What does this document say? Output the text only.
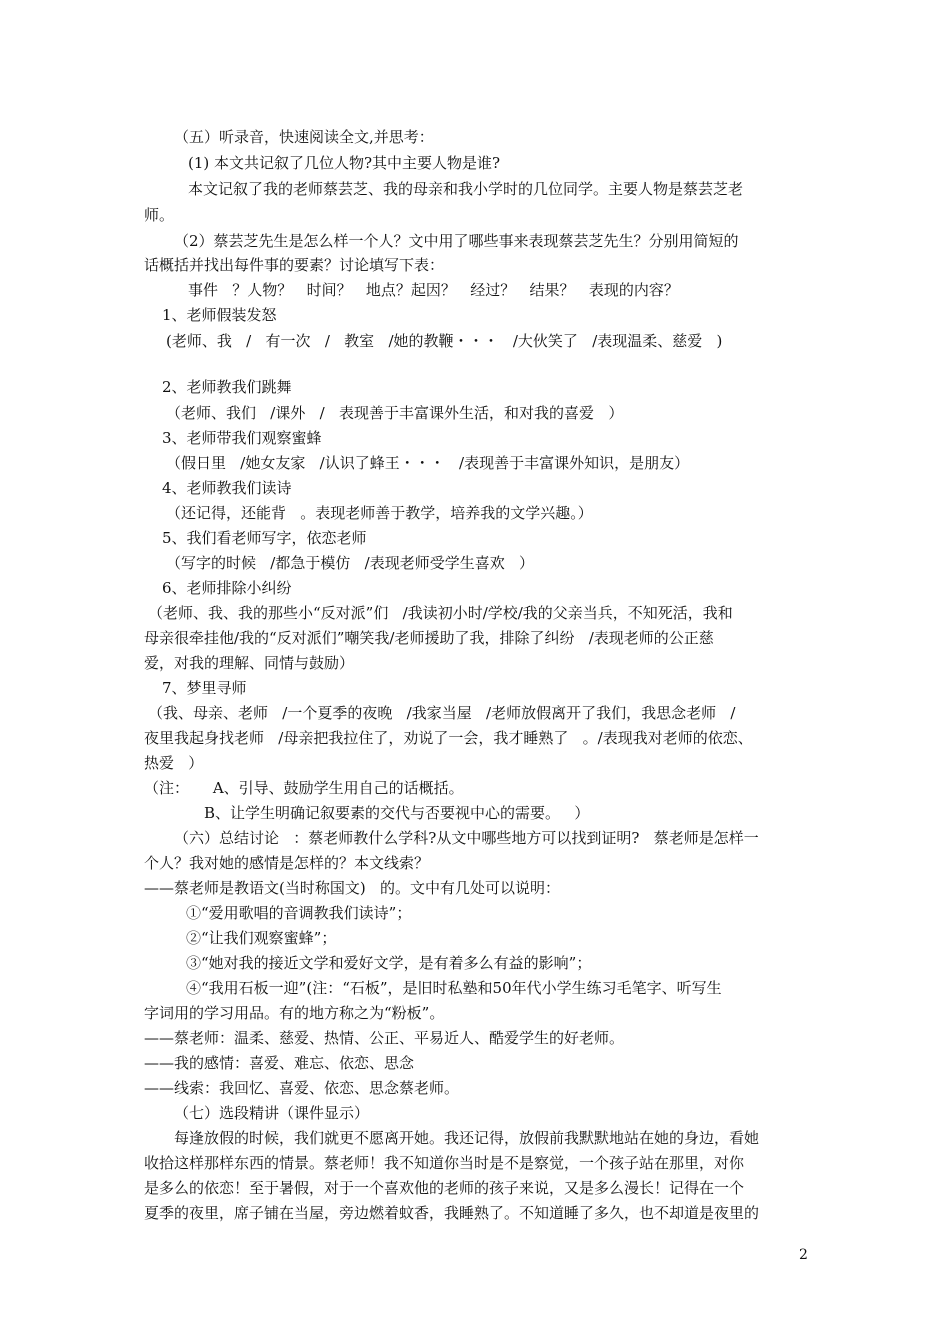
（五）听录音，快速阅读全文,并思考：
(1) 本文共记叙了几位人物?其中主要人物是谁?
本文记叙了我的老师蔡芸芝、我的母亲和我小学时的几位同学。主要人物是蔡芸芝老
师。
（2）蔡芸芝先生是怎么样一个人？文中用了哪些事来表现蔡芸芝先生？分别用简短的
话概括并找出每件事的要素？讨论填写下表：
事件   ？人物？   时间？   地点？起因？   经过？   结果？   表现的内容？
1、老师假装发怒
(老师、我   /   有一次   /   教室   /她的教鞭・・・   /大伙笑了   /表现温柔、慈爱   )
2、老师教我们跳舞
（老师、我们   /课外   /   表现善于丰富课外生活，和对我的喜爱   ）
3、老师带我们观察蜜蜂
（假日里   /她女友家   /认识了蜂王・・・   /表现善于丰富课外知识，是朋友）
4、老师教我们读诗
（还记得，还能背   。表现老师善于教学，培养我的文学兴趣。）
5、我们看老师写字，依恋老师
（写字的时候   /都急于模仿   /表现老师受学生喜欢   ）
6、老师排除小纠纷
（老师、我、我的那些小“反对派”们   /我读初小时/学校/我的父亲当兵，不知死活，我和
母亲很牵挂他/我的“反对派们”嘲笑我/老师援助了我，排除了纠纷   /表现老师的公正慈
爱，对我的理解、同情与鼓励）
7、梦里寻师
（我、母亲、老师   /一个夏季的夜晚   /我家当屋   /老师放假离开了我们，我思念老师   /
夜里我起身找老师   /母亲把我拉住了，劝说了一会，我才睡熟了   。/表现我对老师的依恋、
热爱   ）
（注：     A、引导、鼓励学生用自己的话概括。
B、让学生明确记叙要素的交代与否要视中心的需要。   ）
（六）总结讨论   ：蔡老师教什么学科?从文中哪些地方可以找到证明?   蔡老师是怎样一
个人？我对她的感情是怎样的？本文线索？
——蔡老师是教语文(当时称国文)   的。文中有几处可以说明：
①“爱用歌唱的音调教我们读诗”；
②“让我们观察蜜蜂”；
③“她对我的接近文学和爱好文学，是有着多么有益的影响”；
④“我用石板一迎”(注：“石板”，是旧时私塾和50年代小学生练习毛笔字、听写生
字词用的学习用品。有的地方称之为“粉板”。
——蔡老师：温柔、慈爱、热情、公正、平易近人、酷爱学生的好老师。
——我的感情：喜爱、难忘、依恋、思念
——线索：我回忆、喜爱、依恋、思念蔡老师。
（七）选段精讲（课件显示）
每逢放假的时候，我们就更不愿离开她。我还记得，放假前我默默地站在她的身边，看她
收拾这样那样东西的情景。蔡老师！我不知道你当时是不是察觉，一个孩子站在那里，对你
是多么的依恋！至于暑假，对于一个喜欢他的老师的孩子来说，又是多么漫长！记得在一个
夏季的夜里，席子铺在当屋，旁边燃着蚊香，我睡熟了。不知道睡了多久，也不却道是夜里的
2
